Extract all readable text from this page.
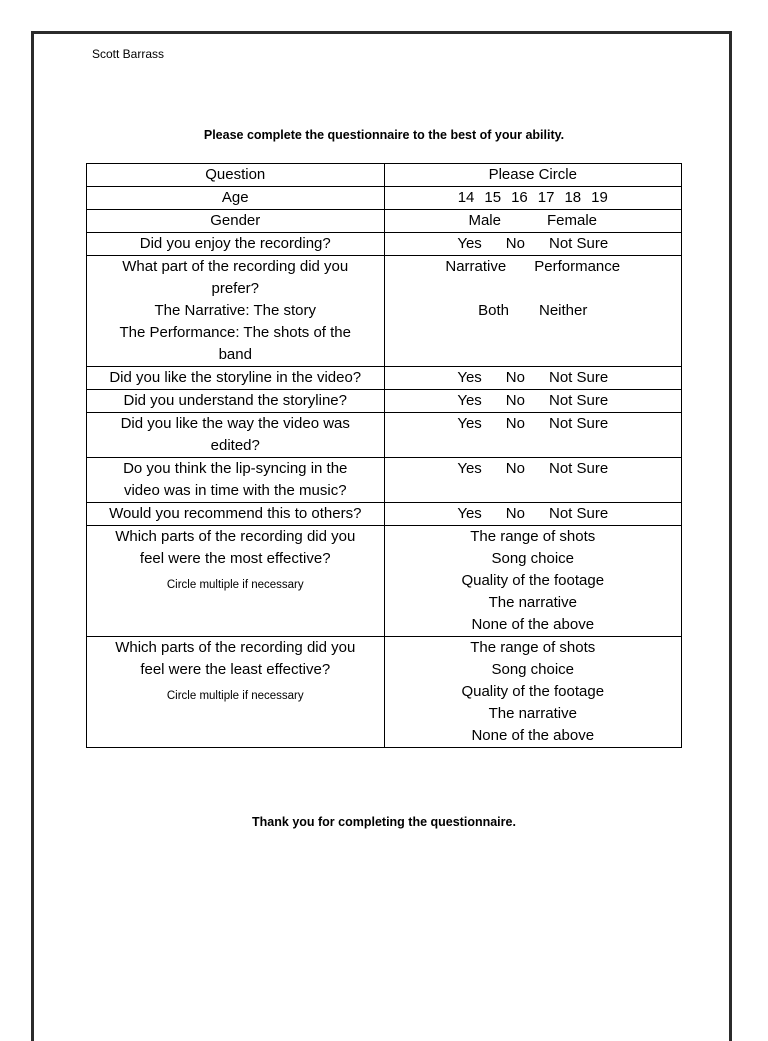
Scott Barrass
Please complete the questionnaire to the best of your ability.
Question	Please Circle
Age	14 15 16 17 18 19
Gender	Male Female
Did you enjoy the recording?	Yes No Not Sure

What part of the recording did you
prefer?
The Narrative: The story
The Performance: The shots of the
band	Narrative Performance

Both Neither

Did you like the storyline in the video?	Yes No Not Sure
Did you understand the storyline?	Yes No Not Sure

Did you like the way the video was
edited?	Yes No Not Sure

Do you think the lip-syncing in the
video was in time with the music?	Yes No Not Sure
Would you recommend this to others?	Yes No Not Sure

Which parts of the recording did you
feel were the most effective?
Circle multiple if necessary	The range of shots
Song choice
Quality of the footage
The narrative
None of the above

Which parts of the recording did you
feel were the least effective?
Circle multiple if necessary	The range of shots
Song choice
Quality of the footage
The narrative
None of the above
Thank you for completing the questionnaire.
